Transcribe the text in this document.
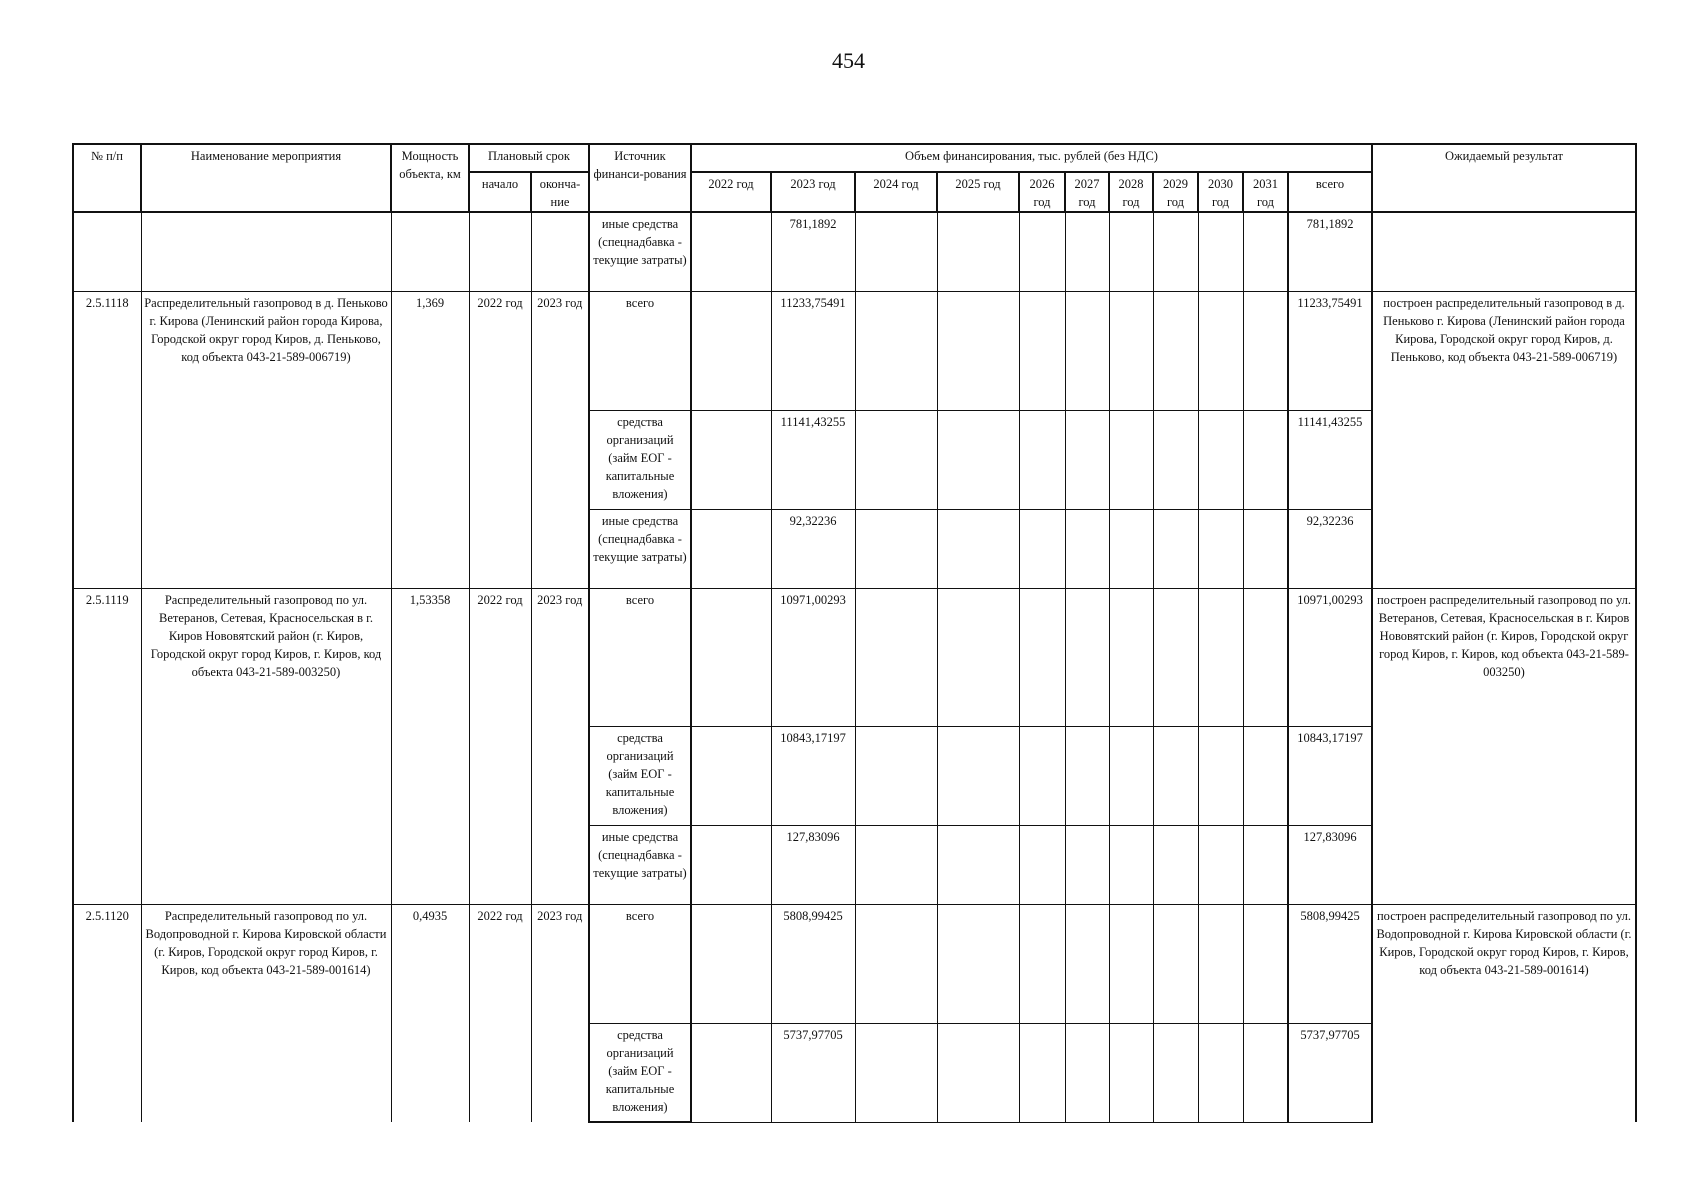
454
№ п/п	Наименование мероприятия	Мощность объекта, км	Плановый срок		Источник финанси-рования	Объем финансирования, тыс. рублей (без НДС)											Ожидаемый результат
			начало	оконча-ние		2022 год	2023 год	2024 год	2025 год	2026 год	2027 год	2028 год	2029 год	2030 год	2031 год	всего	
					иные средства (спецнадбавка - текущие затраты)		781,1892									781,1892	
2.5.1118	Распределительный газопровод в д. Пеньково г. Кирова (Ленинский район города Кирова, Городской округ город Киров, д. Пеньково, код объекта 043-21-589-006719)	1,369	2022 год	2023 год	всего		11233,75491									11233,75491	построен распределительный газопровод в д. Пеньково г. Кирова (Ленинский район города Кирова, Городской округ город Киров, д. Пеньково, код объекта 043-21-589-006719)
					средства организаций (займ ЕОГ - капитальные вложения)		11141,43255									11141,43255	
					иные средства (спецнадбавка - текущие затраты)		92,32236									92,32236	
2.5.1119	Распределительный газопровод по ул. Ветеранов, Сетевая, Красносельская в г. Киров Нововятский район (г. Киров, Городской округ город Киров, г. Киров, код объекта 043-21-589-003250)	1,53358	2022 год	2023 год	всего		10971,00293									10971,00293	построен распределительный газопровод по ул. Ветеранов, Сетевая, Красносельская в г. Киров Нововятский район (г. Киров, Городской округ город Киров, г. Киров, код объекта 043-21-589-003250)
					средства организаций (займ ЕОГ - капитальные вложения)		10843,17197									10843,17197	
					иные средства (спецнадбавка - текущие затраты)		127,83096									127,83096	
2.5.1120	Распределительный газопровод по ул. Водопроводной г. Кирова Кировской области (г. Киров, Городской округ город Киров, г. Киров, код объекта 043-21-589-001614)	0,4935	2022 год	2023 год	всего		5808,99425									5808,99425	построен распределительный газопровод по ул. Водопроводной г. Кирова Кировской области (г. Киров, Городской округ город Киров, г. Киров, код объекта 043-21-589-001614)
					средства организаций (займ ЕОГ - капитальные вложения)		5737,97705									5737,97705	
